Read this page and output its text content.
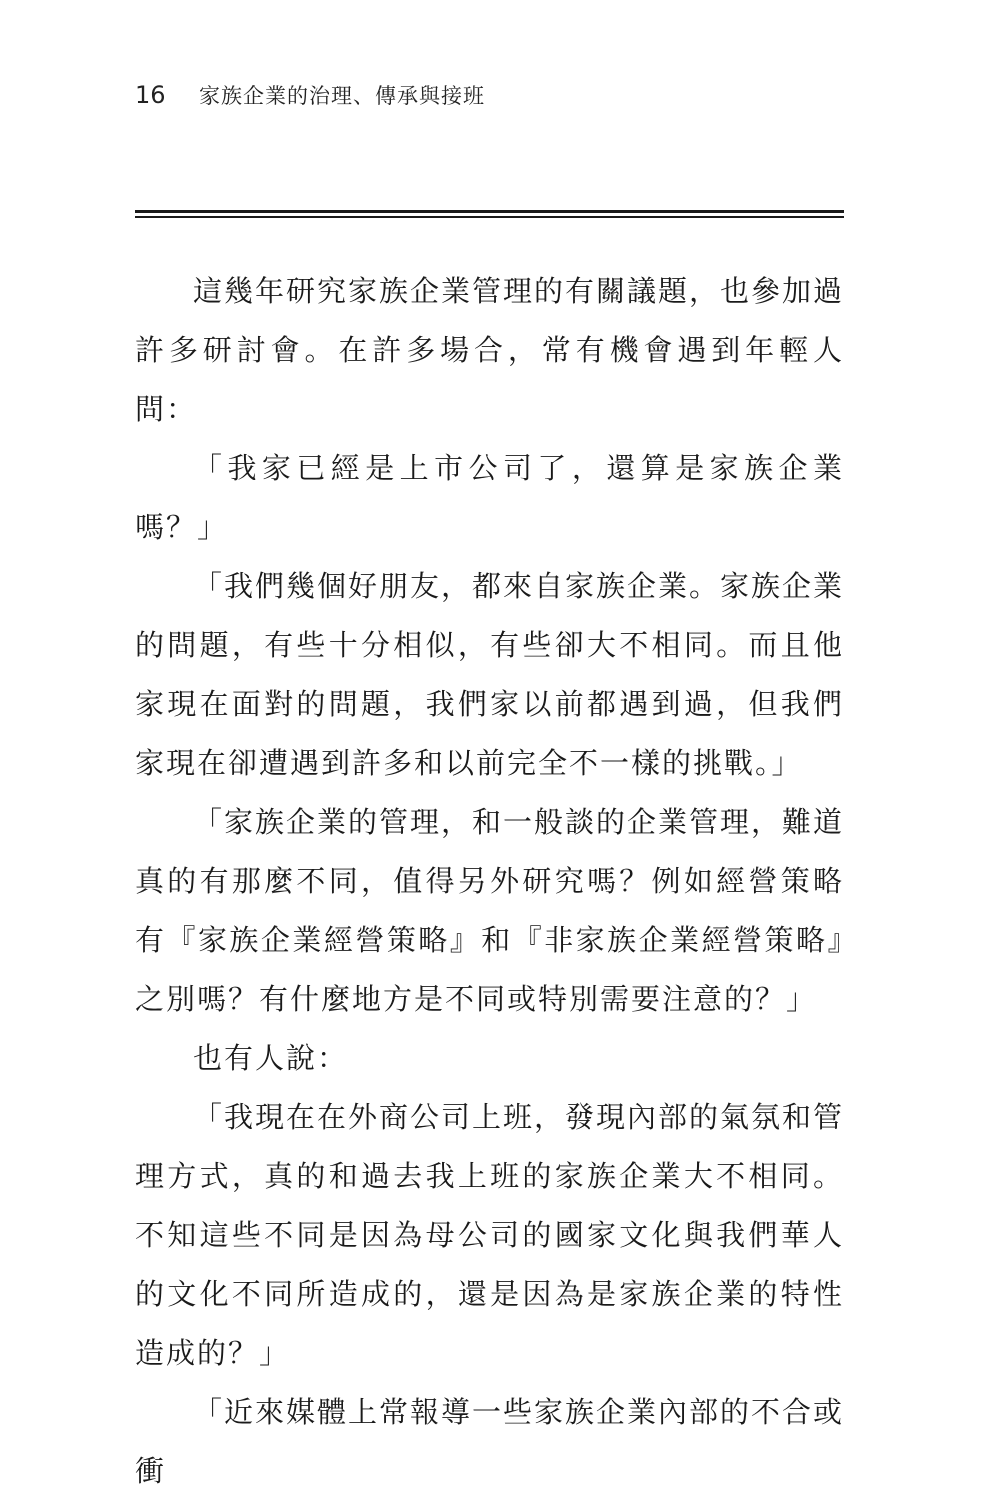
16	家族企業的治理、傳承與接班

這幾年研究家族企業管理的有關議題，也參加過許多研討會。在許多場合，常有機會遇到年輕人問：

「我家已經是上市公司了，還算是家族企業嗎？」

「我們幾個好朋友，都來自家族企業。家族企業的問題，有些十分相似，有些卻大不相同。而且他家現在面對的問題，我們家以前都遇到過，但我們家現在卻遭遇到許多和以前完全不一樣的挑戰。」

「家族企業的管理，和一般談的企業管理，難道真的有那麼不同，值得另外研究嗎？例如經營策略有『家族企業經營策略』和『非家族企業經營策略』之別嗎？有什麼地方是不同或特別需要注意的？」

也有人說：

「我現在在外商公司上班，發現內部的氣氛和管理方式，真的和過去我上班的家族企業大不相同。不知這些不同是因為母公司的國家文化與我們華人的文化不同所造成的，還是因為是家族企業的特性造成的？」

「近來媒體上常報導一些家族企業內部的不合或衝
